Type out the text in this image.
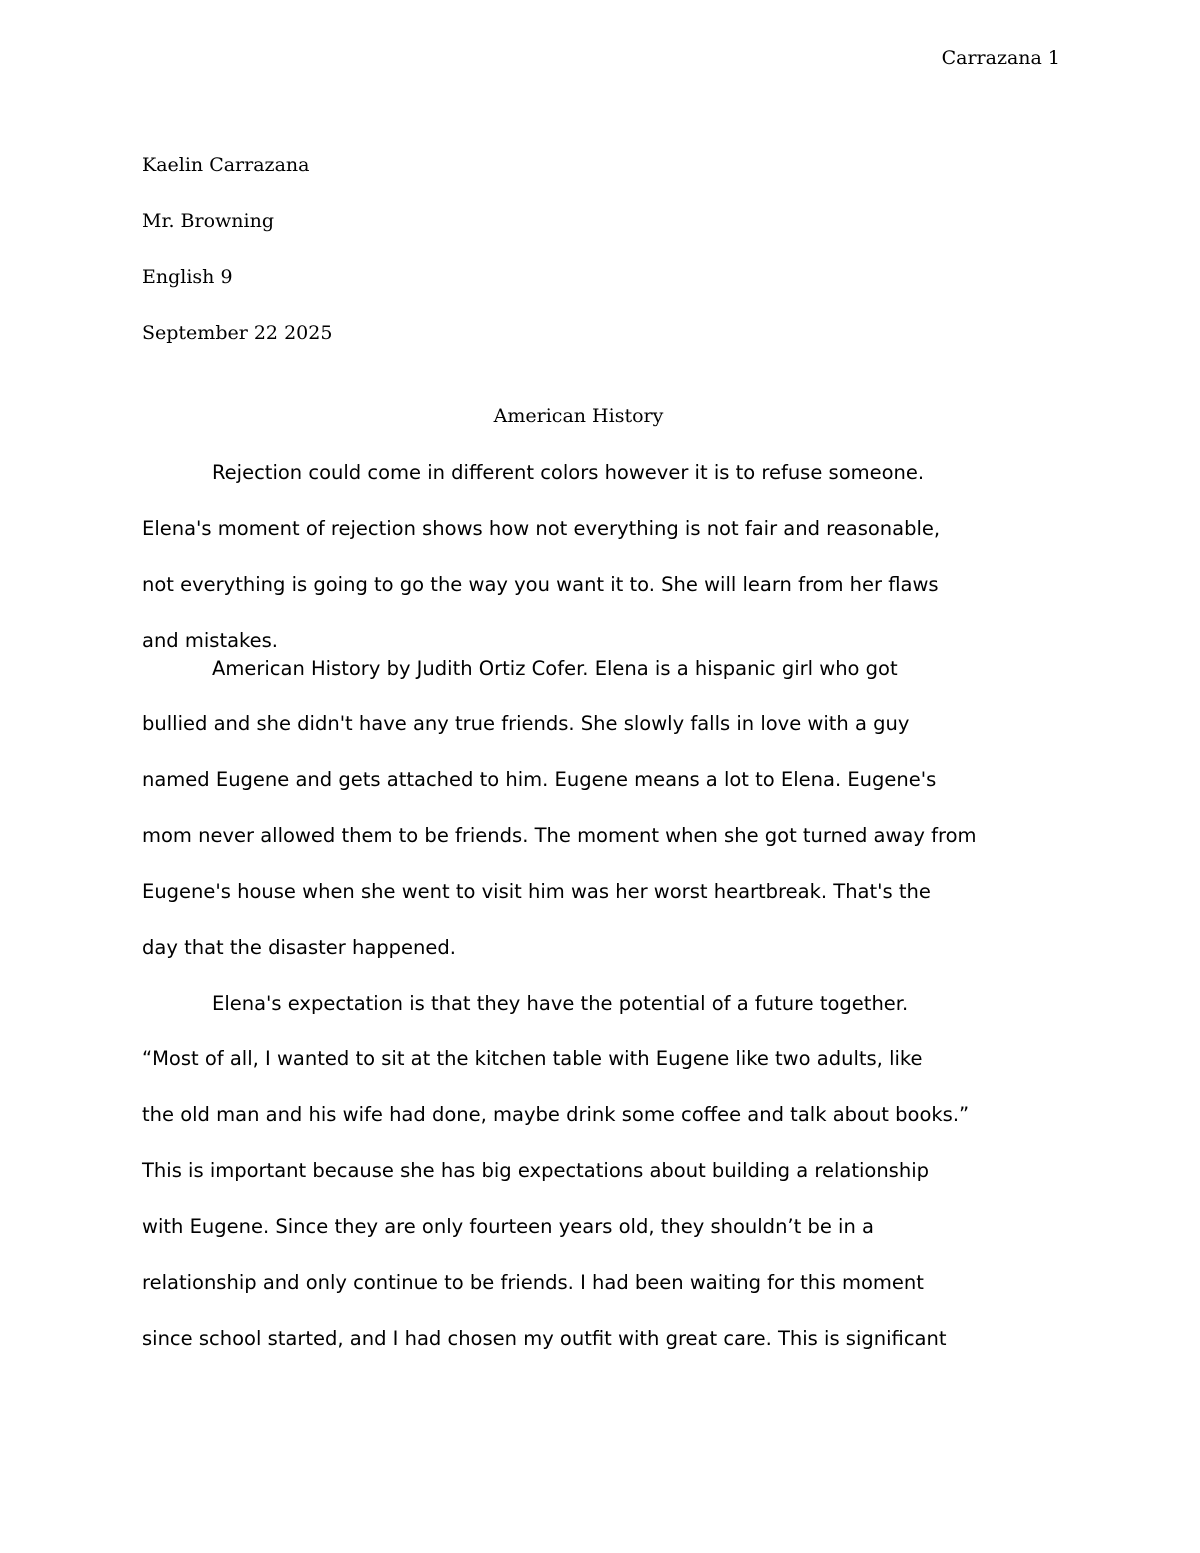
Carrazana 1
Kaelin Carrazana
Mr. Browning
English 9
September 22 2025
American History
Rejection could come in different colors however it is to refuse someone.
Elena's moment of rejection shows how not everything is not fair and reasonable,
not everything is going to go the way you want it to. She will learn from her flaws
and mistakes.
American History by Judith Ortiz Cofer. Elena is a hispanic girl who got
bullied and she didn't have any true friends. She slowly falls in love with a guy
named Eugene and gets attached to him. Eugene means a lot to Elena. Eugene's
mom never allowed them to be friends. The moment when she got turned away from
Eugene's house when she went to visit him was her worst heartbreak. That's the
day that the disaster happened.
Elena's expectation is that they have the potential of a future together.
“Most of all, I wanted to sit at the kitchen table with Eugene like two adults, like
the old man and his wife had done, maybe drink some coffee and talk about books.”
This is important because she has big expectations about building a relationship
with Eugene. Since they are only fourteen years old, they shouldn’t be in a
relationship and only continue to be friends. I had been waiting for this moment
since school started, and I had chosen my outfit with great care. This is significant
